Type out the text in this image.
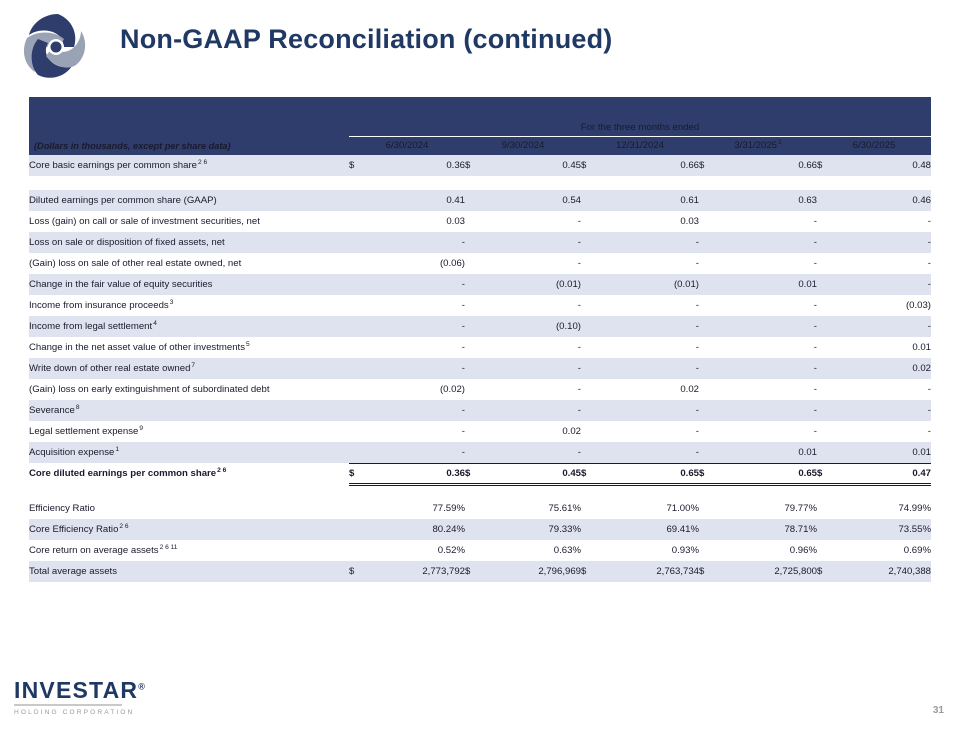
Non-GAAP Reconciliation (continued)

	For the three months ended									
(Dollars in thousands, except per share data)	6/30/2024		9/30/2024		12/31/2024		3/31/2025$^1$		6/30/2025	
Core basic earnings per common share$^{2 6}$	$	0.36	$	0.45	$	0.66	$	0.66	$	0.48

Diluted earnings per common share (GAAP)		0.41		0.54		0.61		0.63		0.46
Loss (gain) on call or sale of investment securities, net		0.03		-		0.03		-		-
Loss on sale or disposition of fixed assets, net		-		-		-		-		-
(Gain) loss on sale of other real estate owned, net		(0.06)		-		-		-		-
Change in the fair value of equity securities		-		(0.01)		(0.01)		0.01		-
Income from insurance proceeds$^3$		-		-		-		-		(0.03)
Income from legal settlement$^4$		-		(0.10)		-		-		-
Change in the net asset value of other investments$^5$		-		-		-		-		0.01
Write down of other real estate owned$^7$		-		-		-		-		0.02
(Gain) loss on early extinguishment of subordinated debt		(0.02)		-		0.02		-		-
Severance$^8$		-		-		-		-		-
Legal settlement expense$^9$		-		0.02		-		-		-
Acquisition expense$^1$		-		-		-		0.01		0.01
Core diluted earnings per common share$^{2 6}$	$	0.36	$	0.45	$	0.65	$	0.65	$	0.47

Efficiency Ratio		77.59%		75.61%		71.00%		79.77%		74.99%
Core Efficiency Ratio$^{2 6}$		80.24%		79.33%		69.41%		78.71%		73.55%
Core return on average assets$^{2 6 11}$		0.52%		0.63%		0.93%		0.96%		0.69%
Total average assets	$	2,773,792	$	2,796,969	$	2,763,734	$	2,725,800	$	2,740,388
INVESTAR®
HOLDING CORPORATION	31
